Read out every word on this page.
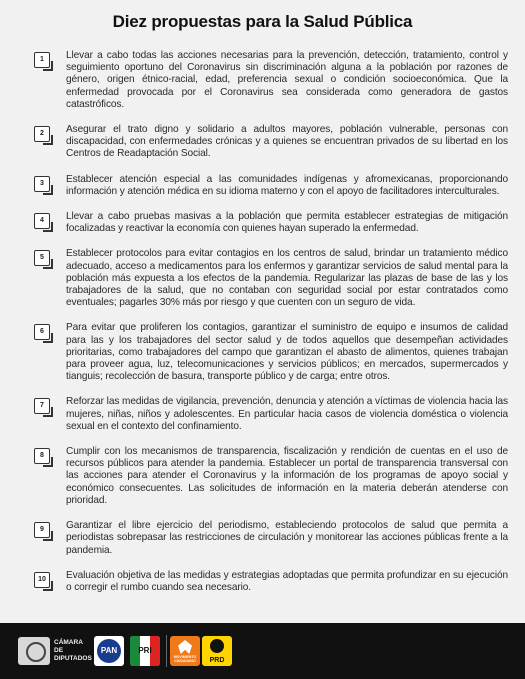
Diez propuestas para la Salud Pública
1	Llevar a cabo todas las acciones necesarias para la prevención, detección, tratamiento, control y seguimiento oportuno del Coronavirus sin discriminación alguna a la población por razones de género, origen étnico-racial, edad, preferencia sexual o condición socioeconómica. Que la enfermedad provocada por el Coronavirus sea considerada como generadora de gastos catastróficos.
2	Asegurar el trato digno y solidario a adultos mayores, población vulnerable, personas con discapacidad, con enfermedades crónicas y a quienes se encuentran privados de su libertad en los Centros de Readaptación Social.
3	Establecer atención especial a las comunidades indígenas y afromexicanas, proporcionando información y atención médica en su idioma materno y con el apoyo de facilitadores interculturales.
4	Llevar a cabo pruebas masivas a la población que permita establecer estrategias de mitigación focalizadas y reactivar la economía con quienes hayan superado la enfermedad.
5	Establecer protocolos para evitar contagios en los centros de salud, brindar un tratamiento médico adecuado, acceso a medicamentos para los enfermos y garantizar servicios de salud mental para la población más expuesta a los efectos de la pandemia. Regularizar las plazas de base de las y los trabajadores de la salud, que no contaban con seguridad social por estar contratados como eventuales; pagarles 30% más por riesgo y que cuenten con un seguro de vida.
6	Para evitar que proliferen los contagios, garantizar el suministro de equipo e insumos de calidad para las y los trabajadores del sector salud y de todos aquellos que desempeñan actividades prioritarias, como trabajadores del campo que garantizan el abasto de alimentos, quienes trabajan para proveer agua, luz, telecomunicaciones y servicios públicos; en mercados, supermercados y tianguis; recolección de basura, transporte público y de carga; entre otros.
7	Reforzar las medidas de vigilancia, prevención, denuncia y atención a víctimas de violencia hacia las mujeres, niñas, niños y adolescentes. En particular hacia casos de violencia doméstica o violencia sexual en el contexto del confinamiento.
8	Cumplir con los mecanismos de transparencia, fiscalización y rendición de cuentas en el uso de recursos públicos para atender la pandemia. Establecer un portal de transparencia transversal con las acciones para atender el Coronavirus y la información de los programas de apoyo social y económico consecuentes. Las solicitudes de información en la materia deberán atenderse con prioridad.
9	Garantizar el libre ejercicio del periodismo, estableciendo protocolos de salud que permita a periodistas sobrepasar las restricciones de circulación y monitorear las acciones públicas frente a la pandemia.
10	Evaluación objetiva de las medidas y estrategias adoptadas que permita profundizar en su ejecución o corregir el rumbo cuando sea necesario.
CÁMARA DE DIPUTADOS
PAN	PRI
MOVIMIENTO CIUDADANO	PRD
